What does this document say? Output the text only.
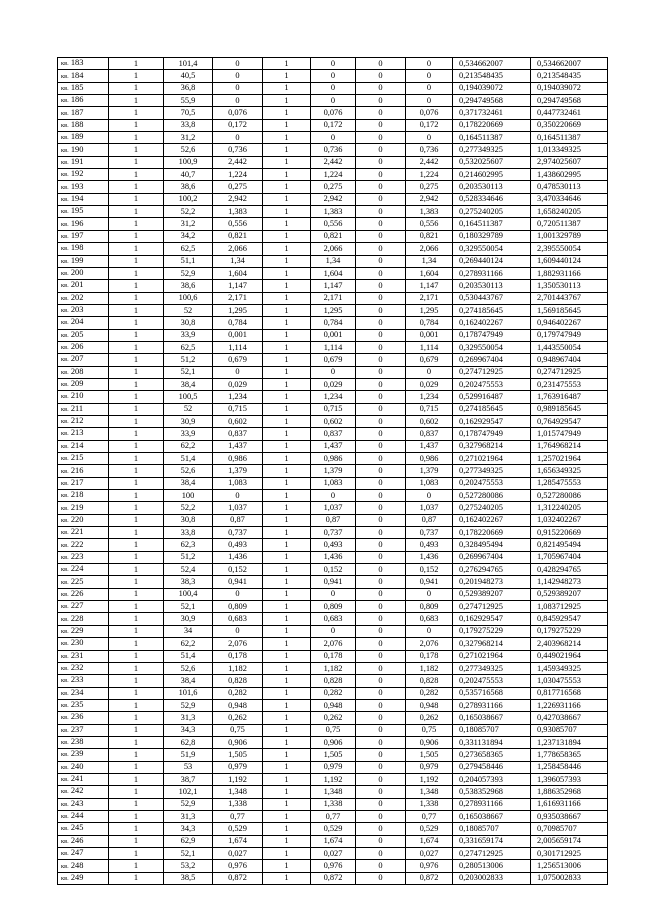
кв. 183	1	101,4	0	1	0	0	0	0,534662007	0,534662007
кв. 184	1	40,5	0	1	0	0	0	0,213548435	0,213548435
кв. 185	1	36,8	0	1	0	0	0	0,194039072	0,194039072
кв. 186	1	55,9	0	1	0	0	0	0,294749568	0,294749568
кв. 187	1	70,5	0,076	1	0,076	0	0,076	0,371732461	0,447732461
кв. 188	1	33,8	0,172	1	0,172	0	0,172	0,178220669	0,350220669
кв. 189	1	31,2	0	1	0	0	0	0,164511387	0,164511387
кв. 190	1	52,6	0,736	1	0,736	0	0,736	0,277349325	1,013349325
кв. 191	1	100,9	2,442	1	2,442	0	2,442	0,532025607	2,974025607
кв. 192	1	40,7	1,224	1	1,224	0	1,224	0,214602995	1,438602995
кв. 193	1	38,6	0,275	1	0,275	0	0,275	0,203530113	0,478530113
кв. 194	1	100,2	2,942	1	2,942	0	2,942	0,528334646	3,470334646
кв. 195	1	52,2	1,383	1	1,383	0	1,383	0,275240205	1,658240205
кв. 196	1	31,2	0,556	1	0,556	0	0,556	0,164511387	0,720511387
кв. 197	1	34,2	0,821	1	0,821	0	0,821	0,180329789	1,001329789
кв. 198	1	62,5	2,066	1	2,066	0	2,066	0,329550054	2,395550054
кв. 199	1	51,1	1,34	1	1,34	0	1,34	0,269440124	1,609440124
кв. 200	1	52,9	1,604	1	1,604	0	1,604	0,278931166	1,882931166
кв. 201	1	38,6	1,147	1	1,147	0	1,147	0,203530113	1,350530113
кв. 202	1	100,6	2,171	1	2,171	0	2,171	0,530443767	2,701443767
кв. 203	1	52	1,295	1	1,295	0	1,295	0,274185645	1,569185645
кв. 204	1	30,8	0,784	1	0,784	0	0,784	0,162402267	0,946402267
кв. 205	1	33,9	0,001	1	0,001	0	0,001	0,178747949	0,179747949
кв. 206	1	62,5	1,114	1	1,114	0	1,114	0,329550054	1,443550054
кв. 207	1	51,2	0,679	1	0,679	0	0,679	0,269967404	0,948967404
кв. 208	1	52,1	0	1	0	0	0	0,274712925	0,274712925
кв. 209	1	38,4	0,029	1	0,029	0	0,029	0,202475553	0,231475553
кв. 210	1	100,5	1,234	1	1,234	0	1,234	0,529916487	1,763916487
кв. 211	1	52	0,715	1	0,715	0	0,715	0,274185645	0,989185645
кв. 212	1	30,9	0,602	1	0,602	0	0,602	0,162929547	0,764929547
кв. 213	1	33,9	0,837	1	0,837	0	0,837	0,178747949	1,015747949
кв. 214	1	62,2	1,437	1	1,437	0	1,437	0,327968214	1,764968214
кв. 215	1	51,4	0,986	1	0,986	0	0,986	0,271021964	1,257021964
кв. 216	1	52,6	1,379	1	1,379	0	1,379	0,277349325	1,656349325
кв. 217	1	38,4	1,083	1	1,083	0	1,083	0,202475553	1,285475553
кв. 218	1	100	0	1	0	0	0	0,527280086	0,527280086
кв. 219	1	52,2	1,037	1	1,037	0	1,037	0,275240205	1,312240205
кв. 220	1	30,8	0,87	1	0,87	0	0,87	0,162402267	1,032402267
кв. 221	1	33,8	0,737	1	0,737	0	0,737	0,178220669	0,915220669
кв. 222	1	62,3	0,493	1	0,493	0	0,493	0,328495494	0,821495494
кв. 223	1	51,2	1,436	1	1,436	0	1,436	0,269967404	1,705967404
кв. 224	1	52,4	0,152	1	0,152	0	0,152	0,276294765	0,428294765
кв. 225	1	38,3	0,941	1	0,941	0	0,941	0,201948273	1,142948273
кв. 226	1	100,4	0	1	0	0	0	0,529389207	0,529389207
кв. 227	1	52,1	0,809	1	0,809	0	0,809	0,274712925	1,083712925
кв. 228	1	30,9	0,683	1	0,683	0	0,683	0,162929547	0,845929547
кв. 229	1	34	0	1	0	0	0	0,179275229	0,179275229
кв. 230	1	62,2	2,076	1	2,076	0	2,076	0,327968214	2,403968214
кв. 231	1	51,4	0,178	1	0,178	0	0,178	0,271021964	0,449021964
кв. 232	1	52,6	1,182	1	1,182	0	1,182	0,277349325	1,459349325
кв. 233	1	38,4	0,828	1	0,828	0	0,828	0,202475553	1,030475553
кв. 234	1	101,6	0,282	1	0,282	0	0,282	0,535716568	0,817716568
кв. 235	1	52,9	0,948	1	0,948	0	0,948	0,278931166	1,226931166
кв. 236	1	31,3	0,262	1	0,262	0	0,262	0,165038667	0,427038667
кв. 237	1	34,3	0,75	1	0,75	0	0,75	0,18085707	0,93085707
кв. 238	1	62,8	0,906	1	0,906	0	0,906	0,331131894	1,237131894
кв. 239	1	51,9	1,505	1	1,505	0	1,505	0,273658365	1,778658365
кв. 240	1	53	0,979	1	0,979	0	0,979	0,279458446	1,258458446
кв. 241	1	38,7	1,192	1	1,192	0	1,192	0,204057393	1,396057393
кв. 242	1	102,1	1,348	1	1,348	0	1,348	0,538352968	1,886352968
кв. 243	1	52,9	1,338	1	1,338	0	1,338	0,278931166	1,616931166
кв. 244	1	31,3	0,77	1	0,77	0	0,77	0,165038667	0,935038667
кв. 245	1	34,3	0,529	1	0,529	0	0,529	0,18085707	0,70985707
кв. 246	1	62,9	1,674	1	1,674	0	1,674	0,331659174	2,005659174
кв. 247	1	52,1	0,027	1	0,027	0	0,027	0,274712925	0,301712925
кв. 248	1	53,2	0,976	1	0,976	0	0,976	0,280513006	1,256513006
кв. 249	1	38,5	0,872	1	0,872	0	0,872	0,203002833	1,075002833
